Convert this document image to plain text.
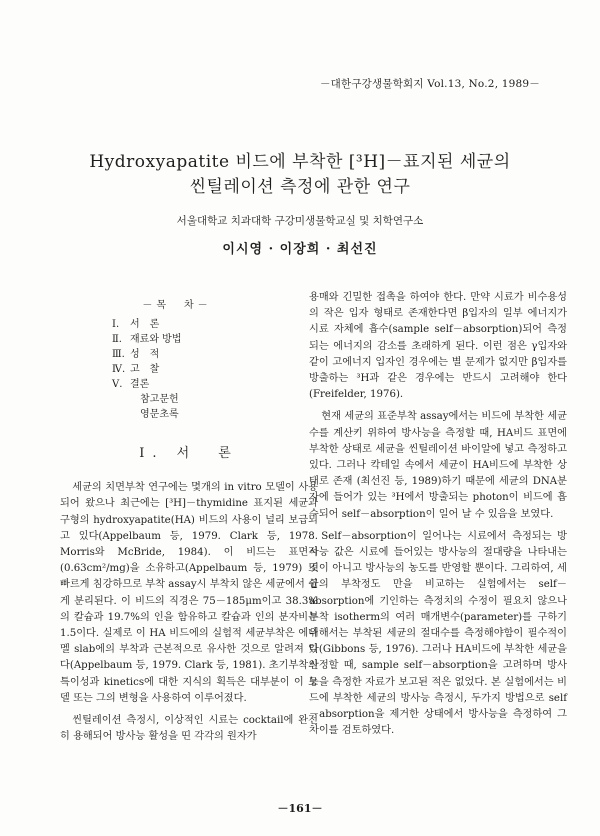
－대한구강생물학회지 Vol.13, No.2, 1989－
Hydroxyapatite 비드에 부착한 [³H]－표지된 세균의
씬틸레이션 측정에 관한 연구
서울대학교 치과대학 구강미생물학교실 및 치학연구소
이시영 · 이장희 · 최선진
－목　차－
Ⅰ.	서　론
Ⅱ. 재료와 방법
Ⅲ. 성　적
Ⅳ. 고　찰
Ⅴ. 결론
참고문헌
영문초록
Ⅰ. 서　론

세균의 치면부착 연구에는 몇개의 in vitro 모델이 사용되어 왔으나 최근에는 [³H]－thymidine 표지된 세균과 구형의 hydroxyapatite(HA) 비드의 사용이 널리 보급되고 있다(Appelbaum 등, 1979. Clark 등, 1978. Morris와 McBride, 1984). 이 비드는 표면적 (0.63cm²/mg)을 소유하고(Appelbaum 등, 1979) 또 빠르게 침강하므로 부착 assay시 부착치 않은 세균에서 쉽게 분리된다. 이 비드의 직경은 75－185μm이고 38.3%의 칼슘과 19.7%의 인을 함유하고 칼슘과 인의 분자비는 1.5이다. 실제로 이 HA 비드에의 실험적 세균부착은 에나멜 slab에의 부착과 근본적으로 유사한 것으로 알려져 있다(Appelbaum 등, 1979. Clark 등, 1981). 초기부착의 특이성과 kinetics에 대한 지식의 획득은 대부분이 이 모델 또는 그의 변형을 사용하여 이루어졌다.

씬틸레이션 측정시, 이상적인 시료는 cocktail에 완전히 용해되어 방사능 활성을 띤 각각의 원자가

용매와 긴밀한 접촉을 하여야 한다. 만약 시료가 비수용성의 작은 입자 형태로 존재한다면 β입자의 일부 에너지가 시료 자체에 흡수(sample self－absorption)되어 측정되는 에너지의 감소를 초래하게 된다. 이런 점은 γ입자와 같이 고에너지 입자인 경우에는 별 문제가 없지만 β입자를 방출하는 ³H과 같은 경우에는 반드시 고려해야 한다(Freifelder, 1976).

현재 세균의 표준부착 assay에서는 비드에 부착한 세균수를 계산키 위하여 방사능을 측정할 때, HA비드 표면에 부착한 상태로 세균을 씬틸레이션 바이알에 넣고 측정하고 있다. 그러나 칵테일 속에서 세균이 HA비드에 부착한 상태로 존재 (최선진 등, 1989)하기 때문에 세균의 DNA분자에 들어가 있는 ³H에서 방출되는 photon이 비드에 흡수되어 self－absorption이 일어 날 수 있음을 보였다.

Self－absorption이 일어나는 시료에서 측정되는 방사능 값은 시료에 들어있는 방사능의 절대량을 나타내는 것이 아니고 방사능의 농도를 반영할 뿐이다. 그리하여, 세균의 부착정도 만을 비교하는 실험에서는 self－absorption에 기인하는 측정치의 수정이 필요치 않으나 부착 isotherm의 여러 매개변수(parameter)를 구하기 위해서는 부착된 세균의 절대수를 측정해야함이 필수적이다(Gibbons 등, 1976). 그러나 HA비드에 부착한 세균을 산정할 때, sample self－absorption을 고려하며 방사능을 측정한 자료가 보고된 적은 없었다. 본 실험에서는 비드에 부착한 세균의 방사능 측정시, 두가지 방법으로 self－absorption을 제거한 상태에서 방사능을 측정하여 그 차이를 검토하였다.

－161－
